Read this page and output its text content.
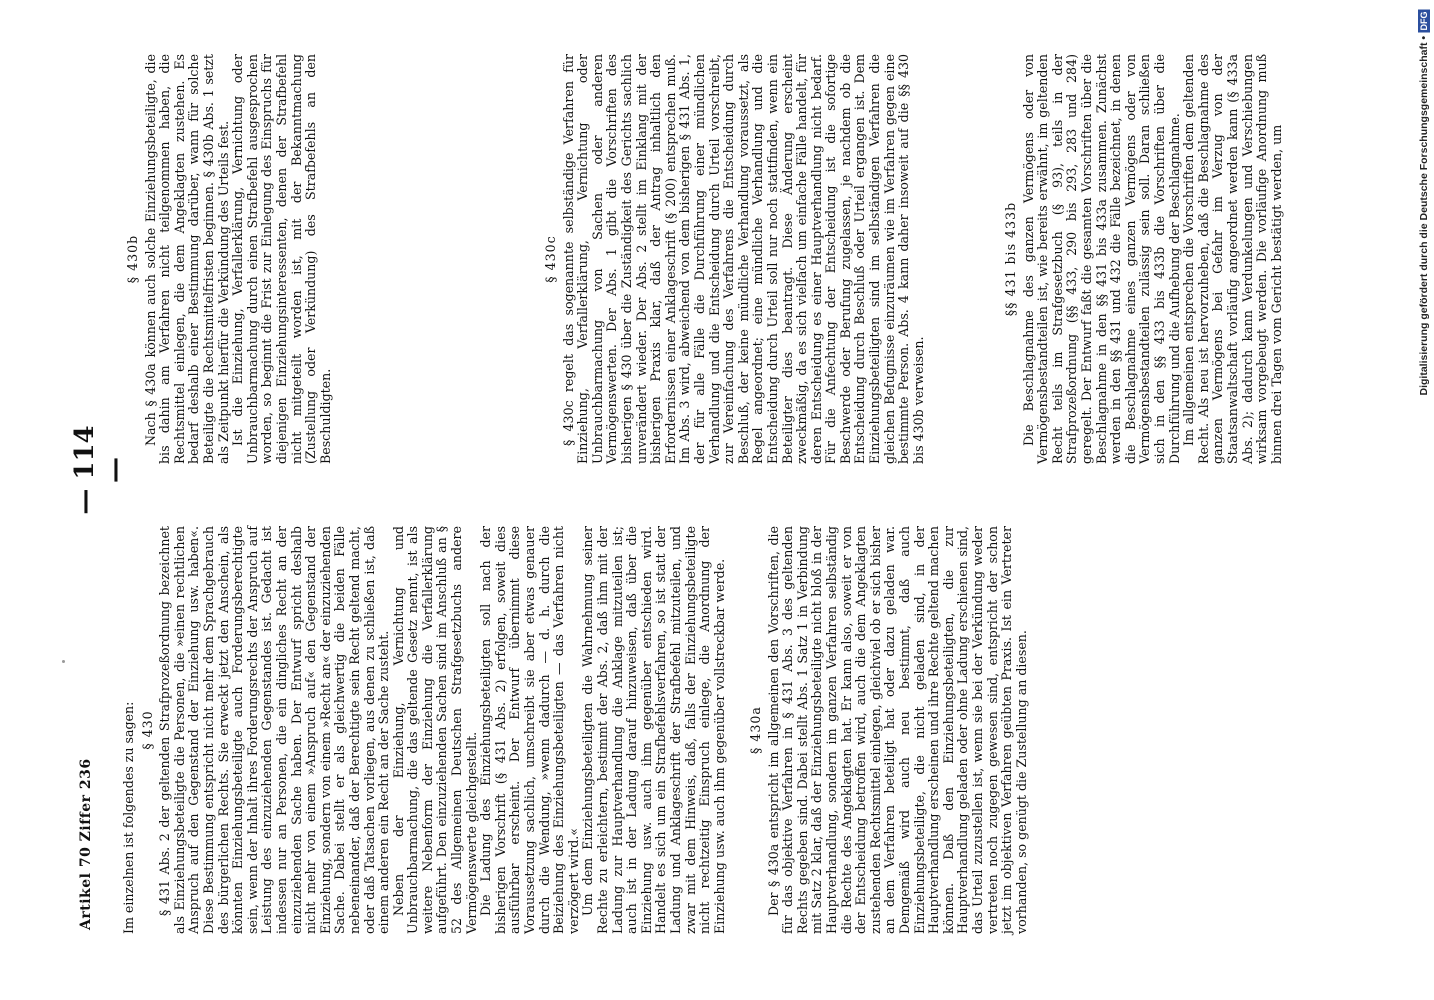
Artikel 70 Ziffer 236
— 114 —

Im einzelnen ist folgendes zu sagen: § 430 § 431 Abs. 2 der geltenden Strafprozeßordnung bezeichnet als Einziehungsbeteiligte die Personen, die »einen rechtlichen Anspruch auf den Gegenstand der Einziehung usw. haben«. Diese Bestimmung entspricht nicht mehr dem Sprachgebrauch des bürgerlichen Rechts. Sie erweckt jetzt den Anschein, als könnten Einziehungsbeteiligte auch Forderungsberechtigte sein, wenn der Inhalt ihres Forderungsrechts der Anspruch auf Leistung des einzuziehenden Gegenstandes ist. Gedacht ist indessen nur an Personen, die ein dingliches Recht an der einzuziehenden Sache haben. Der Entwurf spricht deshalb nicht mehr von einem »Anspruch auf« den Gegenstand der Einziehung, sondern von einem »Recht an« der einzuziehenden Sache. Dabei stellt er als gleichwertig die beiden Fälle nebeneinander, daß der Berechtigte sein Recht geltend macht, oder daß Tatsachen vorliegen, aus denen zu schließen ist, daß einem anderen ein Recht an der Sache zusteht. Neben der Einziehung, Vernichtung und Unbrauchbarmachung, die das geltende Gesetz nennt, ist als weitere Nebenform der Einziehung die Verfallerklärung aufgeführt. Den einzuziehenden Sachen sind im Anschluß an § 52 des Allgemeinen Deutschen Strafgesetzbuchs andere Vermögenswerte gleichgestellt. Die Ladung des Einziehungsbeteiligten soll nach der bisherigen Vorschrift (§ 431 Abs. 2) erfolgen, soweit dies ausführbar erscheint. Der Entwurf übernimmt diese Voraussetzung sachlich, umschreibt sie aber etwas genauer durch die Wendung, »wenn dadurch — d. h. durch die Beiziehung des Einziehungsbeteiligten — das Verfahren nicht verzögert wird.« Um dem Einziehungsbeteiligten die Wahrnehmung seiner Rechte zu erleichtern, bestimmt der Abs. 2, daß ihm mit der Ladung zur Hauptverhandlung die Anklage mitzuteilen ist; auch ist in der Ladung darauf hinzuweisen, daß über die Einziehung usw. auch ihm gegenüber entschieden wird. Handelt es sich um ein Strafbefehlsverfahren, so ist statt der Ladung und Anklageschrift der Strafbefehl mitzuteilen, und zwar mit dem Hinweis, daß, falls der Einziehungsbeteiligte nicht rechtzeitig Einspruch einlege, die Anordnung der Einziehung usw. auch ihm gegenüber vollstreckbar werde. § 430a Der § 430a entspricht im allgemeinen den Vorschriften, die für das objektive Verfahren in § 431 Abs. 3 des geltenden Rechts gegeben sind. Dabei stellt Abs. 1 Satz 1 in Verbindung mit Satz 2 klar, daß der Einziehungsbeteiligte nicht bloß in der Hauptverhandlung, sondern im ganzen Verfahren selbständig die Rechte des Angeklagten hat. Er kann also, soweit er von der Entscheidung betroffen wird, auch die dem Angeklagten zustehenden Rechtsmittel einlegen, gleichviel ob er sich bisher an dem Verfahren beteiligt hat oder dazu geladen war. Demgemäß wird auch neu bestimmt, daß auch Einziehungsbeteiligte, die nicht geladen sind, in der Hauptverhandlung erscheinen und ihre Rechte geltend machen können. Daß den Einziehungsbeteiligten, die zur Hauptverhandlung geladen oder ohne Ladung erschienen sind, das Urteil zuzustellen ist, wenn sie bei der Verkündung weder vertreten noch zugegen gewesen sind, entspricht der schon jetzt im objektiven Verfahren geübten Praxis. Ist ein Vertreter vorhanden, so genügt die Zustellung an diesen.

§ 430b Nach § 430a können auch solche Einziehungsbeteiligte, die bis dahin am Verfahren nicht teilgenommen haben, die Rechtsmittel einlegen, die dem Angeklagten zustehen. Es bedarf deshalb einer Bestimmung darüber, wann für solche Beteiligte die Rechtsmittelfristen beginnen. § 430b Abs. 1 setzt als Zeitpunkt hierfür die Verkündung des Urteils fest. Ist die Einziehung, Verfallerklärung, Vernichtung oder Unbrauchbarmachung durch einen Strafbefehl ausgesprochen worden, so beginnt die Frist zur Einlegung des Einspruchs für diejenigen Einziehungsinteressenten, denen der Strafbefehl nicht mitgeteilt worden ist, mit der Bekanntmachung (Zustellung oder Verkündung) des Strafbefehls an den Beschuldigten.

§ 430c § 430c regelt das sogenannte selbständige Verfahren für Einziehung, Verfallerklärung, Vernichtung oder Unbrauchbarmachung von Sachen oder anderen Vermögenswerten. Der Abs. 1 gibt die Vorschriften des bisherigen § 430 über die Zuständigkeit des Gerichts sachlich unverändert wieder. Der Abs. 2 stellt im Einklang mit der bisherigen Praxis klar, daß der Antrag inhaltlich den Erfordernissen einer Anklageschrift (§ 200) entsprechen muß. Im Abs. 3 wird, abweichend von dem bisherigen § 431 Abs. 1, der für alle Fälle die Durchführung einer mündlichen Verhandlung und die Entscheidung durch Urteil vorschreibt, zur Vereinfachung des Verfahrens die Entscheidung durch Beschluß, der keine mündliche Verhandlung voraussetzt, als Regel angeordnet; eine mündliche Verhandlung und die Entscheidung durch Urteil soll nur noch stattfinden, wenn ein Beteiligter dies beantragt. Diese Änderung erscheint zweckmäßig, da es sich vielfach um einfache Fälle handelt, für deren Entscheidung es einer Hauptverhandlung nicht bedarf. Für die Anfechtung der Entscheidung ist die sofortige Beschwerde oder Berufung zugelassen, je nachdem ob die Entscheidung durch Beschluß oder Urteil ergangen ist. Dem Einziehungsbeteiligten sind im selbständigen Verfahren die gleichen Befugnisse einzuräumen wie im Verfahren gegen eine bestimmte Person. Abs. 4 kann daher insoweit auf die §§ 430 bis 430b verweisen.

§§ 431 bis 433b Die Beschlagnahme des ganzen Vermögens oder von Vermögensbestandteilen ist, wie bereits erwähnt, im geltenden Recht teils im Strafgesetzbuch (§ 93), teils in der Strafprozeßordnung (§§ 433, 290 bis 293, 283 und 284) geregelt. Der Entwurf faßt die gesamten Vorschriften über die Beschlagnahme in den §§ 431 bis 433a zusammen. Zunächst werden in den §§ 431 und 432 die Fälle bezeichnet, in denen die Beschlagnahme eines ganzen Vermögens oder von Vermögensbestandteilen zulässig sein soll. Daran schließen sich in den §§ 433 bis 433b die Vorschriften über die Durchführung und die Aufhebung der Beschlagnahme. Im allgemeinen entsprechen die Vorschriften dem geltenden Recht. Als neu ist hervorzuheben, daß die Beschlagnahme des ganzen Vermögens bei Gefahr im Verzug von der Staatsanwaltschaft vorläufig angeordnet werden kann (§ 433a Abs. 2); dadurch kann Verdunkelungen und Verschiebungen wirksam vorgebeugt werden. Die vorläufige Anordnung muß binnen drei Tagen vom Gericht bestätigt werden, um	Digitalisierung gefördert durch die Deutsche Forschungsgemeinschaft • DFG
